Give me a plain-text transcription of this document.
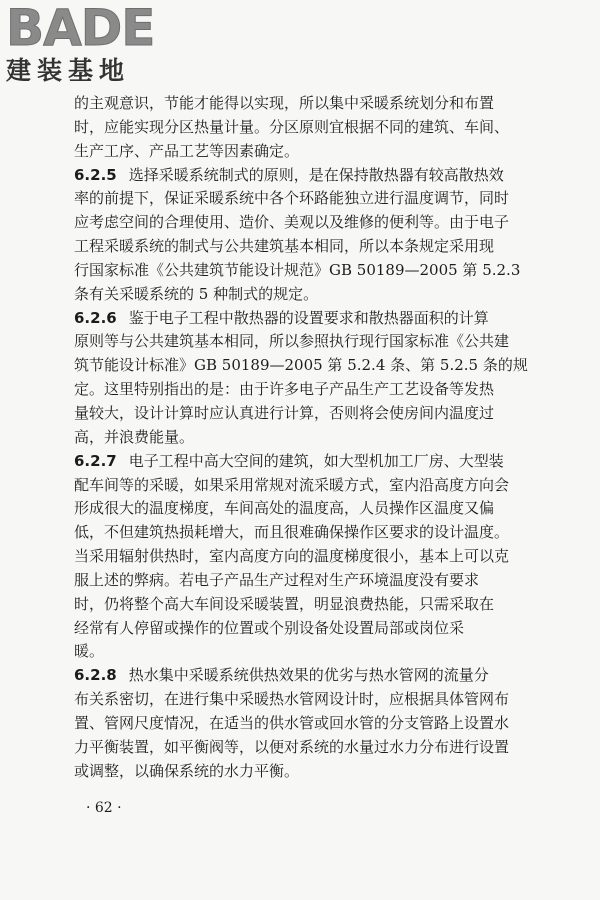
BADE
建装基地
的主观意识，节能才能得以实现，所以集中采暖系统划分和布置
时，应能实现分区热量计量。分区原则宜根据不同的建筑、车间、
生产工序、产品工艺等因素确定。
6.2.5 选择采暖系统制式的原则，是在保持散热器有较高散热效
率的前提下，保证采暖系统中各个环路能独立进行温度调节，同时
应考虑空间的合理使用、造价、美观以及维修的便利等。由于电子
工程采暖系统的制式与公共建筑基本相同，所以本条规定采用现
行国家标准《公共建筑节能设计规范》GB 50189—2005 第 5.2.3
条有关采暖系统的 5 种制式的规定。
6.2.6 鉴于电子工程中散热器的设置要求和散热器面积的计算
原则等与公共建筑基本相同，所以参照执行现行国家标准《公共建
筑节能设计标准》GB 50189—2005 第 5.2.4 条、第 5.2.5 条的规
定。这里特别指出的是：由于许多电子产品生产工艺设备等发热
量较大，设计计算时应认真进行计算，否则将会使房间内温度过
高，并浪费能量。
6.2.7 电子工程中高大空间的建筑，如大型机加工厂房、大型装
配车间等的采暖，如果采用常规对流采暖方式，室内沿高度方向会
形成很大的温度梯度，车间高处的温度高，人员操作区温度又偏
低，不但建筑热损耗增大，而且很难确保操作区要求的设计温度。
当采用辐射供热时，室内高度方向的温度梯度很小，基本上可以克
服上述的弊病。若电子产品生产过程对生产环境温度没有要求
时，仍将整个高大车间设采暖装置，明显浪费热能，只需采取在
经常有人停留或操作的位置或个别设备处设置局部或岗位采
暖。
6.2.8 热水集中采暖系统供热效果的优劣与热水管网的流量分
布关系密切，在进行集中采暖热水管网设计时，应根据具体管网布
置、管网尺度情况，在适当的供水管或回水管的分支管路上设置水
力平衡装置，如平衡阀等，以便对系统的水量过水力分布进行设置
或调整，以确保系统的水力平衡。
· 62 ·
